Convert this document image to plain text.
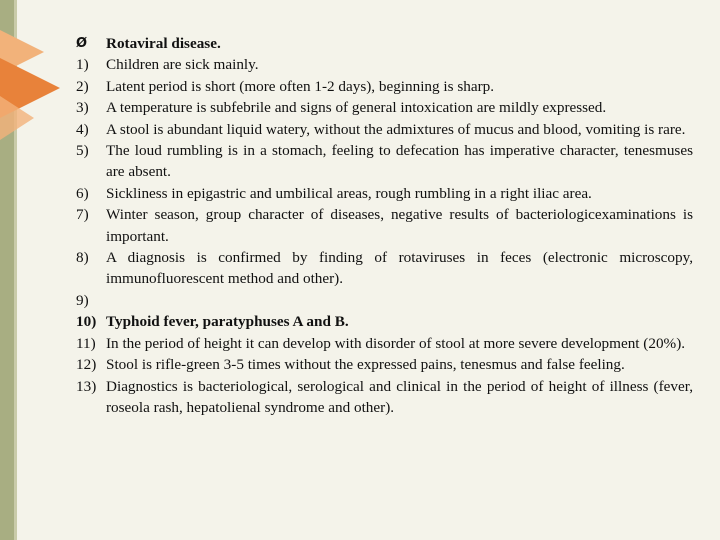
Ø	Rotaviral disease.
1)	Children are sick mainly.
2)	Latent period is short (more often 1-2 days), beginning is sharp.
3)	A temperature is subfebrile and signs of general intoxication are mildly expressed.
4)	A stool is abundant liquid watery, without the admixtures of mucus and blood, vomiting is rare.
5)	The loud rumbling is in a stomach, feeling to defecation has imperative character, tenesmuses are absent.
6)	Sickliness in epigastric and umbilical areas, rough rumbling in a right iliac area.
7)	Winter season, group character of diseases, negative results of bacteriologicexaminations is important.
8)	A diagnosis is confirmed by finding of rotaviruses in feces (electronic microscopy, immunofluorescent method and other).
9)

10) Typhoid fever, paratyphuses A and B.
11) In the period of height it can develop with disorder of stool at more severe development (20%).
12) Stool is rifle-green 3-5 times without the expressed pains, tenesmus and false feeling.
13) Diagnostics is bacteriological, serological and clinical in the period of height of illness (fever, roseola rash, hepatolienal syndrome and other).
